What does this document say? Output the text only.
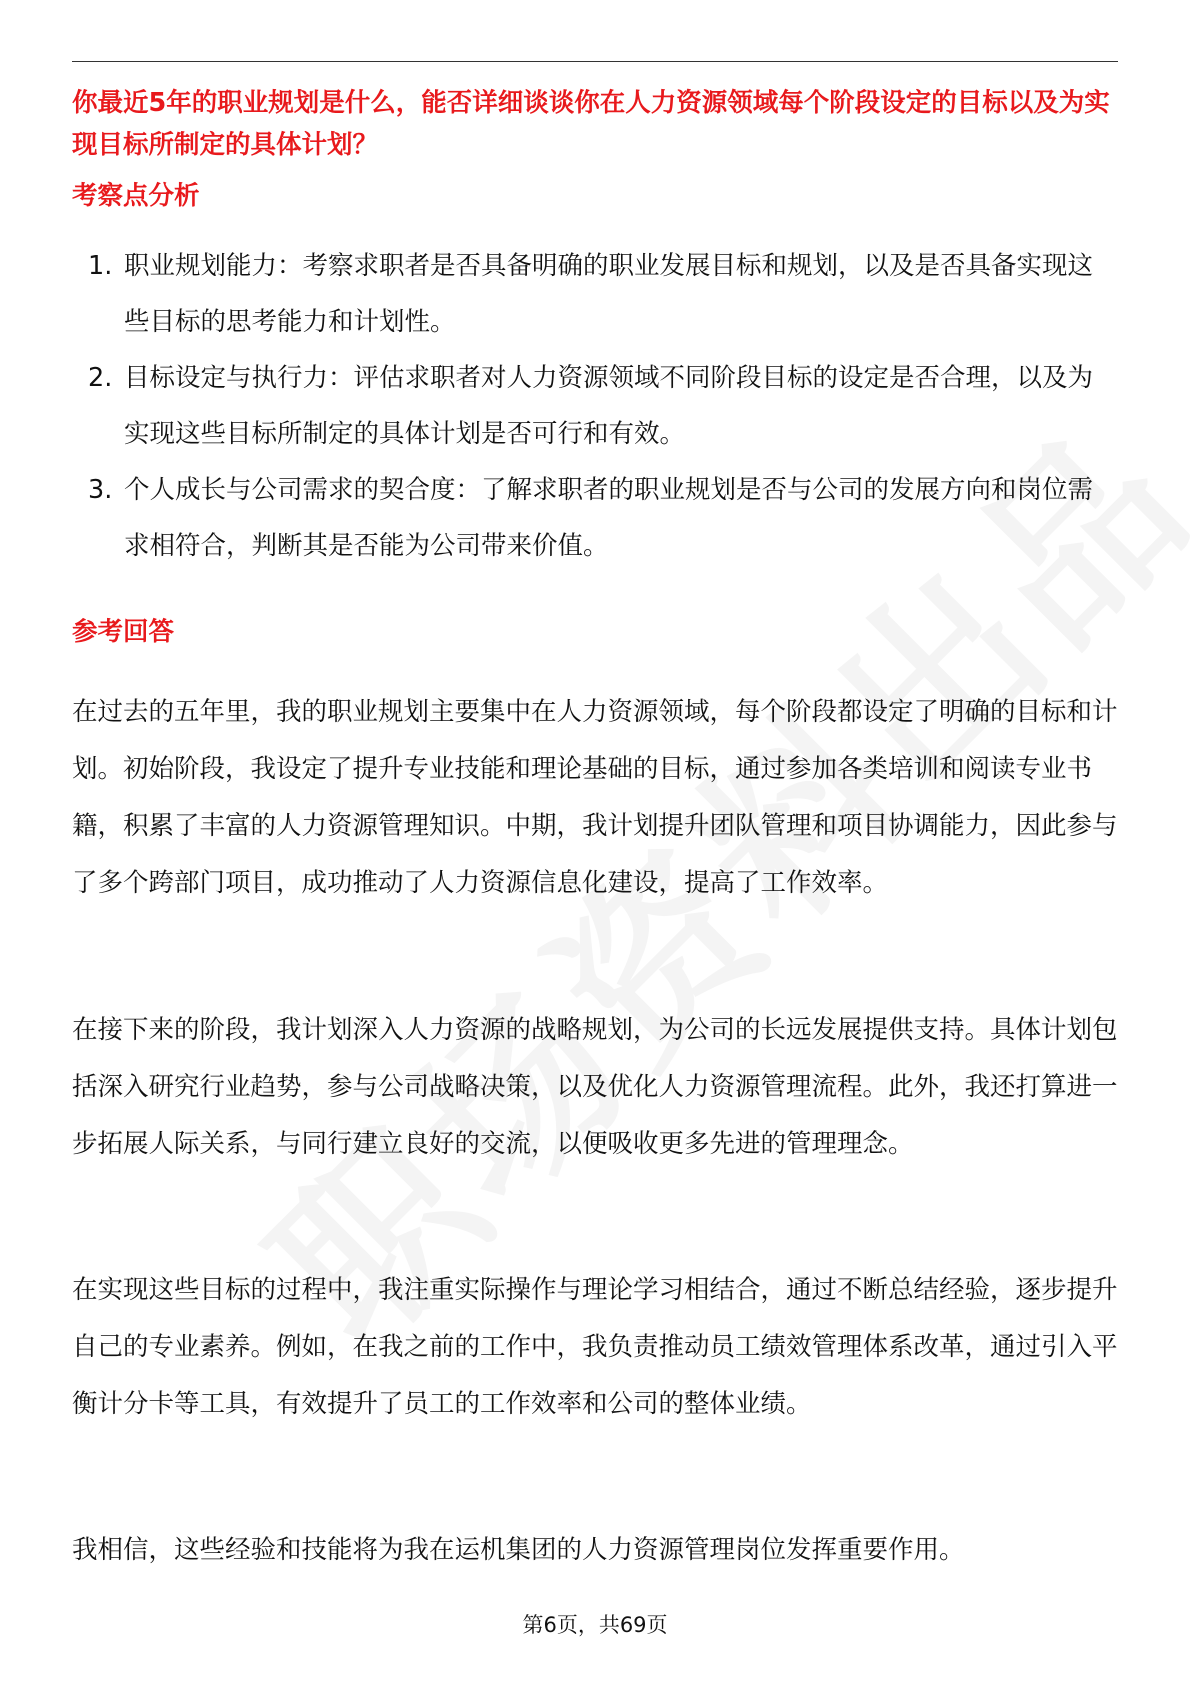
你最近5年的职业规划是什么，能否详细谈谈你在人力资源领域每个阶段设定的目标以及为实现目标所制定的具体计划？
考察点分析
1. 职业规划能力：考察求职者是否具备明确的职业发展目标和规划，以及是否具备实现这些目标的思考能力和计划性。
2. 目标设定与执行力：评估求职者对人力资源领域不同阶段目标的设定是否合理，以及为实现这些目标所制定的具体计划是否可行和有效。
3. 个人成长与公司需求的契合度：了解求职者的职业规划是否与公司的发展方向和岗位需求相符合，判断其是否能为公司带来价值。
参考回答

在过去的五年里，我的职业规划主要集中在人力资源领域，每个阶段都设定了明确的目标和计划。初始阶段，我设定了提升专业技能和理论基础的目标，通过参加各类培训和阅读专业书籍，积累了丰富的人力资源管理知识。中期，我计划提升团队管理和项目协调能力，因此参与了多个跨部门项目，成功推动了人力资源信息化建设，提高了工作效率。

在接下来的阶段，我计划深入人力资源的战略规划，为公司的长远发展提供支持。具体计划包括深入研究行业趋势，参与公司战略决策，以及优化人力资源管理流程。此外，我还打算进一步拓展人际关系，与同行建立良好的交流，以便吸收更多先进的管理理念。

在实现这些目标的过程中，我注重实际操作与理论学习相结合，通过不断总结经验，逐步提升自己的专业素养。例如，在我之前的工作中，我负责推动员工绩效管理体系改革，通过引入平衡计分卡等工具，有效提升了员工的工作效率和公司的整体业绩。

我相信，这些经验和技能将为我在运机集团的人力资源管理岗位发挥重要作用。

第6页，共69页
